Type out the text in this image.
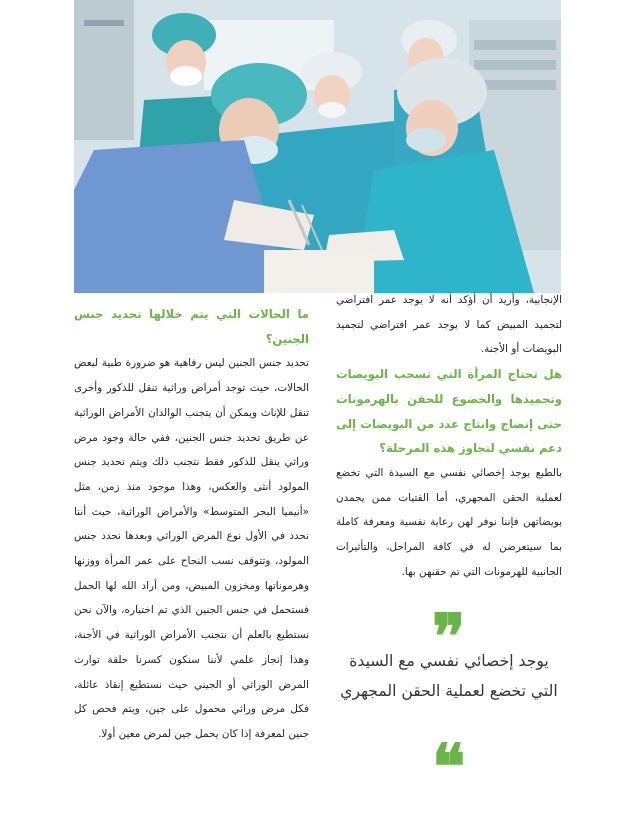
الإنجابية، وأريد أن أؤكد أنه لا يوجد عمر افتراضي لتجميد المبيض كما لا يوجد عمر افتراضي لتجميد البويضات أو الأجنة.

هل تحتاج المرأة التي تسحب البويضات وتجميدها والخضوع للحقن بالهرمونات حتى إنضاج وانتاج عدد من البويضات إلى دعم نفسي لتجاوز هذه المرحلة؟

بالطبع يوجد إخصائي نفسي مع السيدة التي تخضع لعملية الحقن المجهري، أما الفتيات ممن يجمدن بويضاتهن فإننا نوفر لهن رعاية نفسية ومعرفة كاملة بما سيتعرضن له في كافة المراحل، والتأثيرات الجانبية للهرمونات التي تم حقنهن بها.

❞
يوجد إخصائي نفسي مع السيدة التي تخضع لعملية الحقن المجهري
❝

ما الحالات التي يتم خلالها تحديد جنس الجنين؟

تحديد جنس الجنين ليس رفاهية هو ضرورة طبية لبعض الحالات، حيث توجد أمراض وراثية تنقل للذكور وأخرى تنقل للإناث ويمكن أن يتجنب الوالدان الأمراض الوراثية عن طريق تحديد جنس الجنين، ففي حالة وجود مرض وراثي ينقل للذكور فقط نتجنب ذلك ويتم تحديد جنس المولود أنثى والعكس، وهذا موجود منذ زمن، مثل «أنيميا البحر المتوسط» والأمراض الوراثية، حيث أننا نحدد في الأول نوع المرض الوراثي وبعدها نحدد جنس المولود، وتتوقف نسب النجاح على عمر المرأة ووزنها وهرموناتها ومخزون المبيض، ومن أراد الله لها الحمل فستحمل في جنس الجنين الذي تم اختياره، والآن نحن نستطيع بالعلم أن نتجنب الأمراض الوراثية في الأجنة، وهذا إنجاز علمي لأننا سنكون كسرنا حلقة توارث المرض الوراثي أو الجيني حيث نستطيع إنقاذ عائلة، فكل مرض وراثي محمول على جين، ويتم فحص كل جنين لمعرفة إذا كان يحمل جين لمرض معين أولا.
